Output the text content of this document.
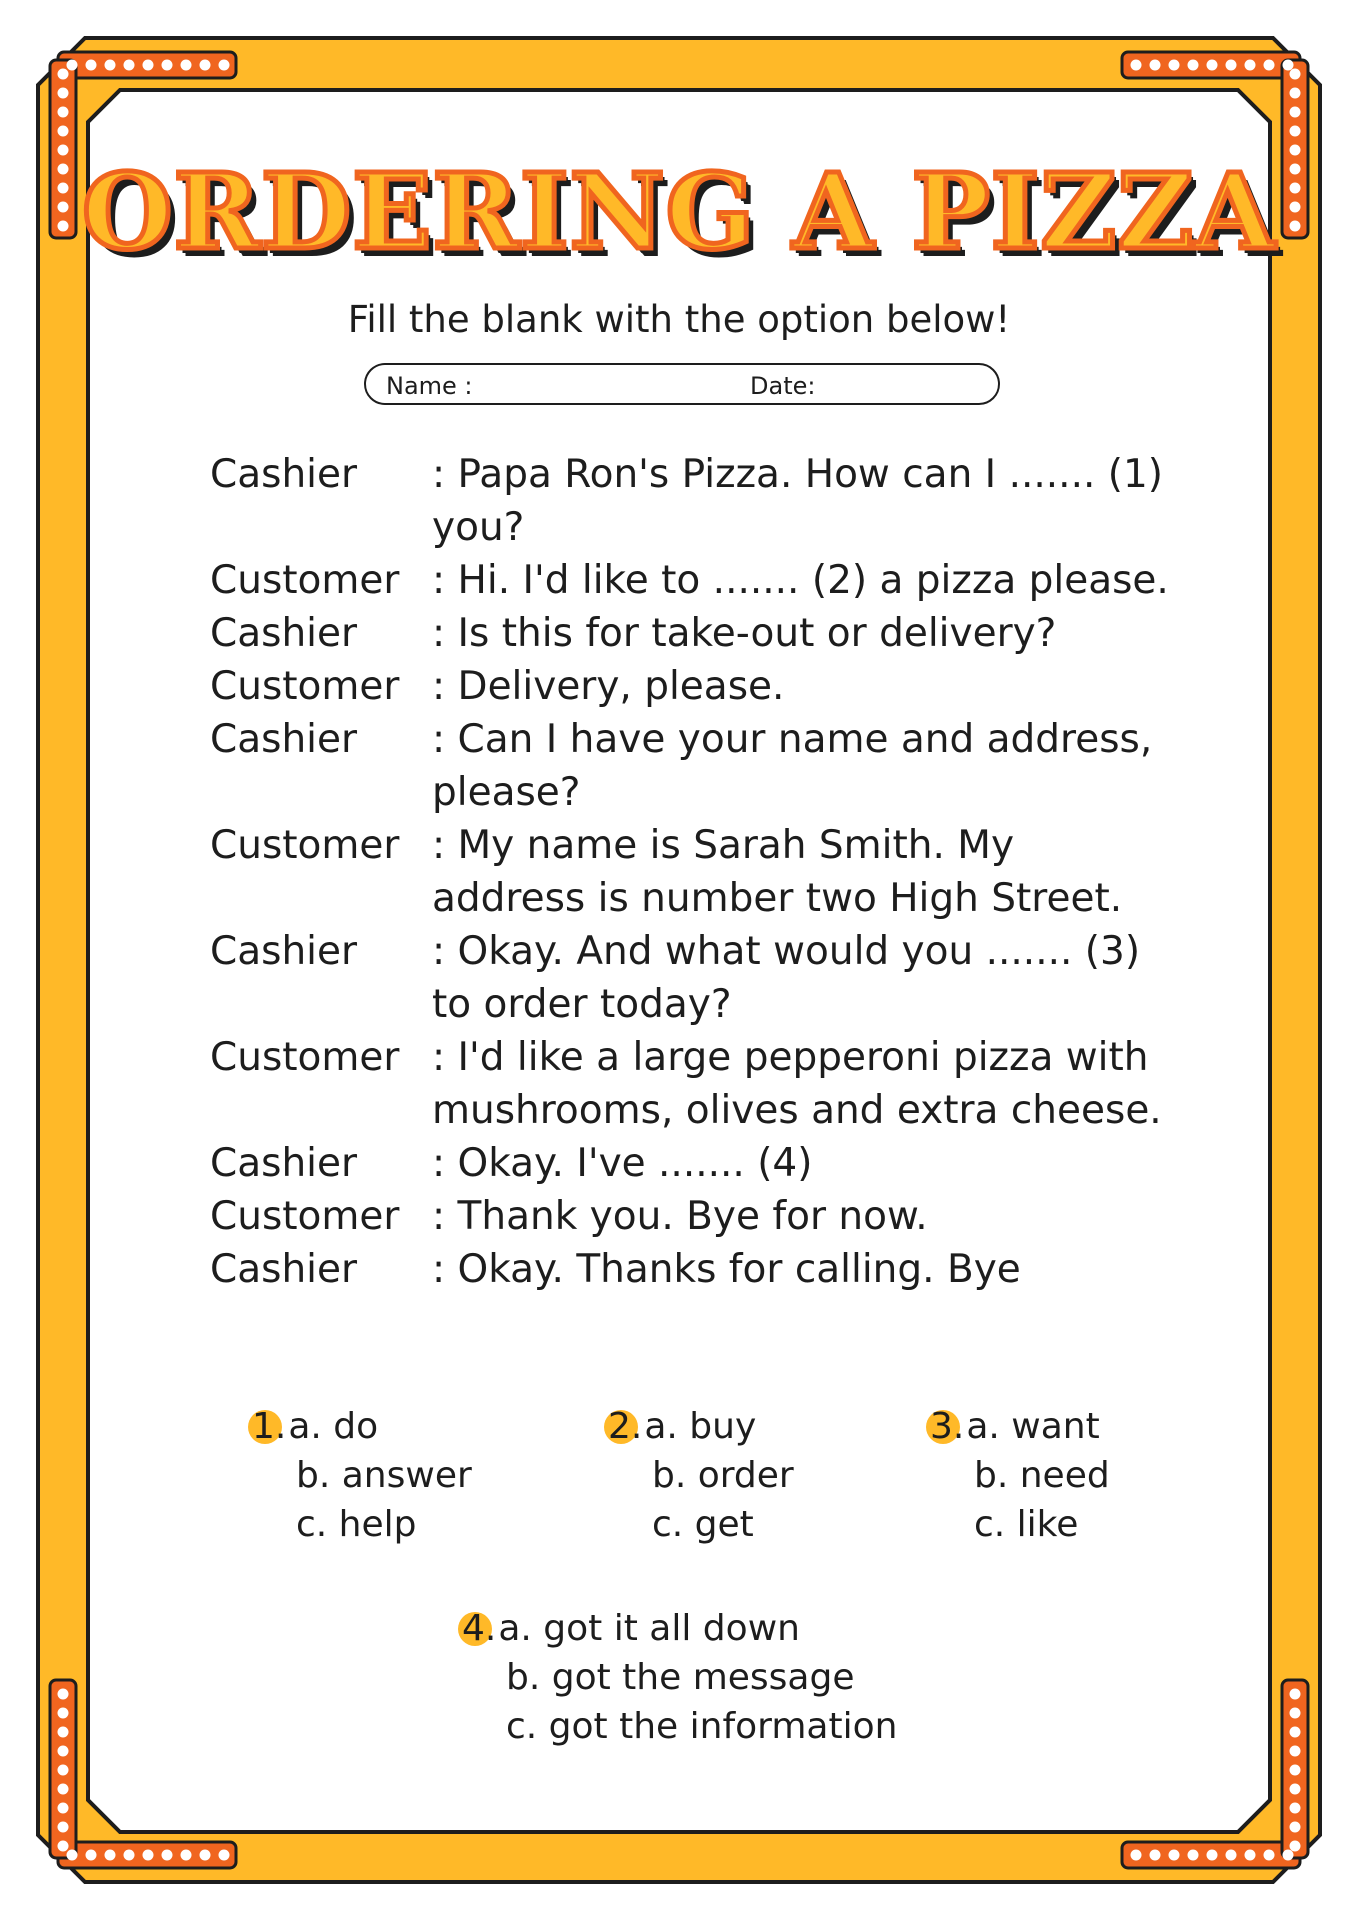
ORDERING A PIZZA
Fill the blank with the option below!
Name :	Date:
Cashier	: Papa Ron's Pizza. How can I ....... (1) you?
Customer : Hi. I'd like to ....... (2) a pizza please.
Cashier	: Is this for take-out or delivery?
Customer : Delivery, please.
Cashier	: Can I have your name and address, please?
Customer : My name is Sarah Smith. My address is number two High Street.
Cashier	: Okay. And what would you ....... (3) to order today?
Customer : I'd like a large pepperoni pizza with mushrooms, olives and extra cheese.
Cashier	: Okay. I've ....... (4)
Customer : Thank you. Bye for now.
Cashier	: Okay. Thanks for calling. Bye
1. a. do
b. answer
c. help
2. a. buy
b. order
c. get
3. a. want
b. need
c. like
4. a. got it all down
b. got the message
c. got the information
